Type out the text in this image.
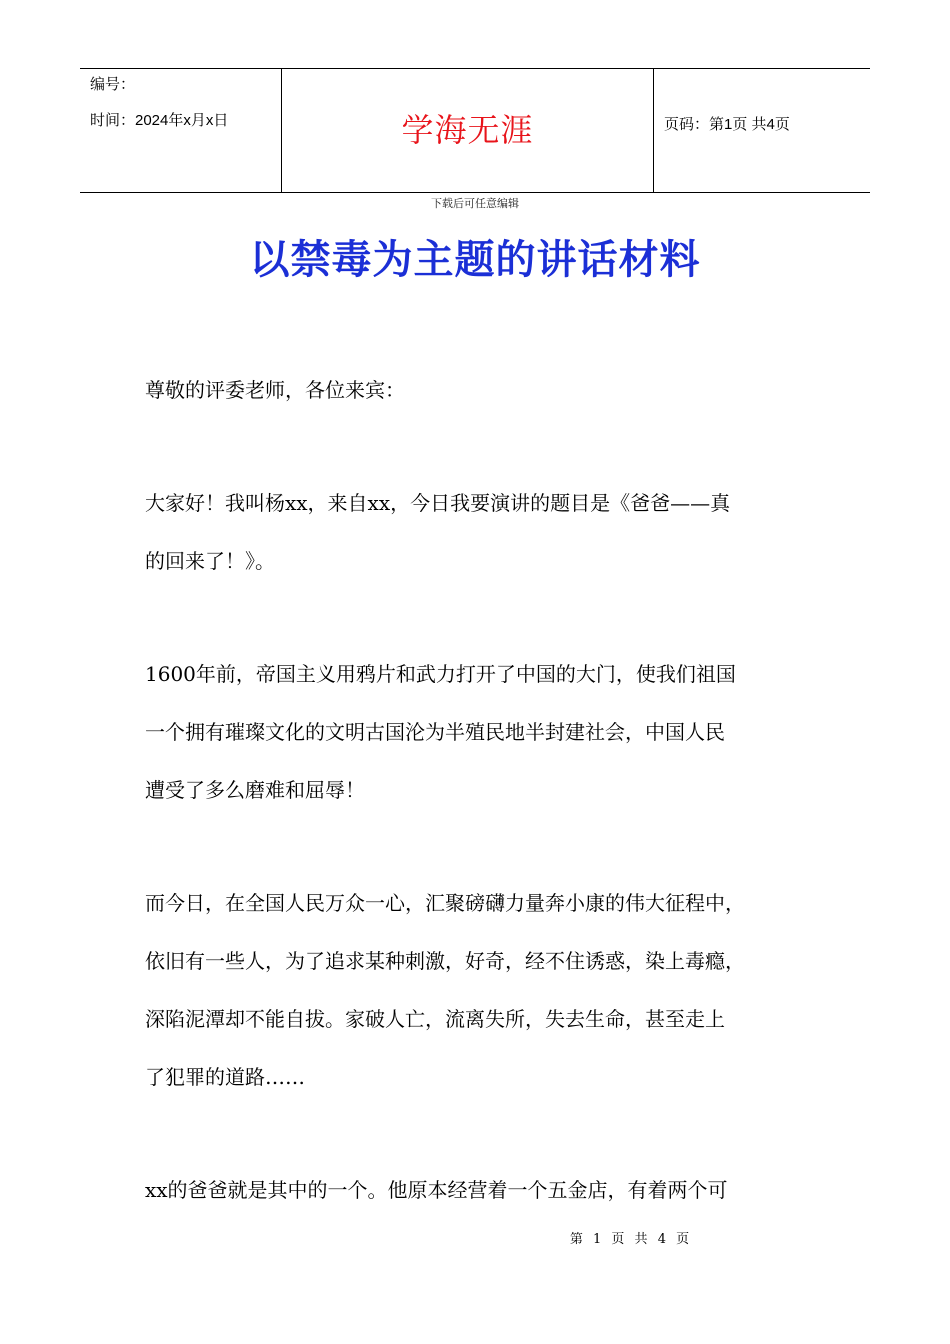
编号：
时间：2024年x月x日	学海无涯	页码：第1页 共4页
下载后可任意编辑
以禁毒为主题的讲话材料
尊敬的评委老师，各位来宾：
大家好！我叫杨xx，来自xx，今日我要演讲的题目是《爸爸——真
的回来了！》。
1600年前，帝国主义用鸦片和武力打开了中国的大门，使我们祖国
一个拥有璀璨文化的文明古国沦为半殖民地半封建社会，中国人民
遭受了多么磨难和屈辱！
而今日，在全国人民万众一心，汇聚磅礴力量奔小康的伟大征程中，
依旧有一些人，为了追求某种刺激，好奇，经不住诱惑，染上毒瘾，
深陷泥潭却不能自拔。家破人亡，流离失所，失去生命，甚至走上
了犯罪的道路……
xx的爸爸就是其中的一个。他原本经营着一个五金店，有着两个可
第 1 页 共 4 页
